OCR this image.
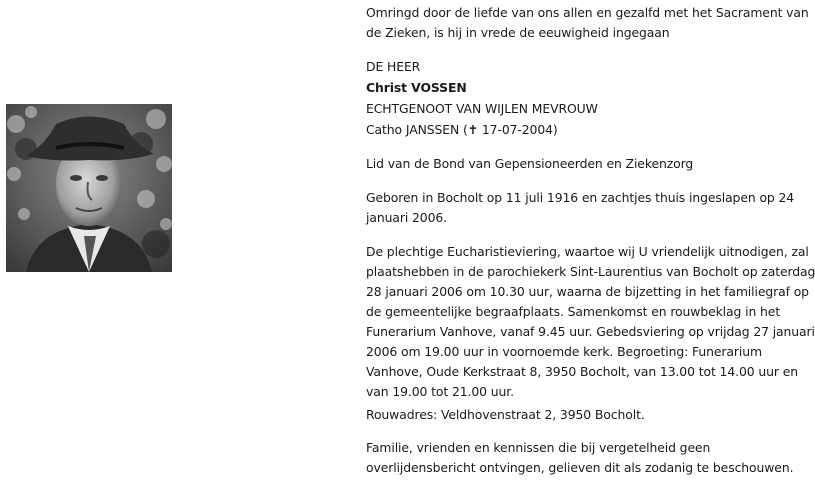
Omringd door de liefde van ons allen en gezalfd met het Sacrament van
de Zieken, is hij in vrede de eeuwigheid ingegaan
DE HEER
Christ VOSSEN
ECHTGENOOT VAN WIJLEN MEVROUW
Catho JANSSEN (✝ 17-07-2004)
Lid van de Bond van Gepensioneerden en Ziekenzorg
Geboren in Bocholt op 11 juli 1916 en zachtjes thuis ingeslapen op 24
januari 2006.
De plechtige Eucharistieviering, waartoe wij U vriendelijk uitnodigen, zal
plaatshebben in de parochiekerk Sint-Laurentius van Bocholt op zaterdag
28 januari 2006 om 10.30 uur, waarna de bijzetting in het familiegraf op
de gemeentelijke begraafplaats. Samenkomst en rouwbeklag in het
Funerarium Vanhove, vanaf 9.45 uur. Gebedsviering op vrijdag 27 januari
2006 om 19.00 uur in voornoemde kerk. Begroeting: Funerarium
Vanhove, Oude Kerkstraat 8, 3950 Bocholt, van 13.00 tot 14.00 uur en
van 19.00 tot 21.00 uur.
Rouwadres: Veldhovenstraat 2, 3950 Bocholt.
Familie, vrienden en kennissen die bij vergetelheid geen
overlijdensbericht ontvingen, gelieven dit als zodanig te beschouwen.
